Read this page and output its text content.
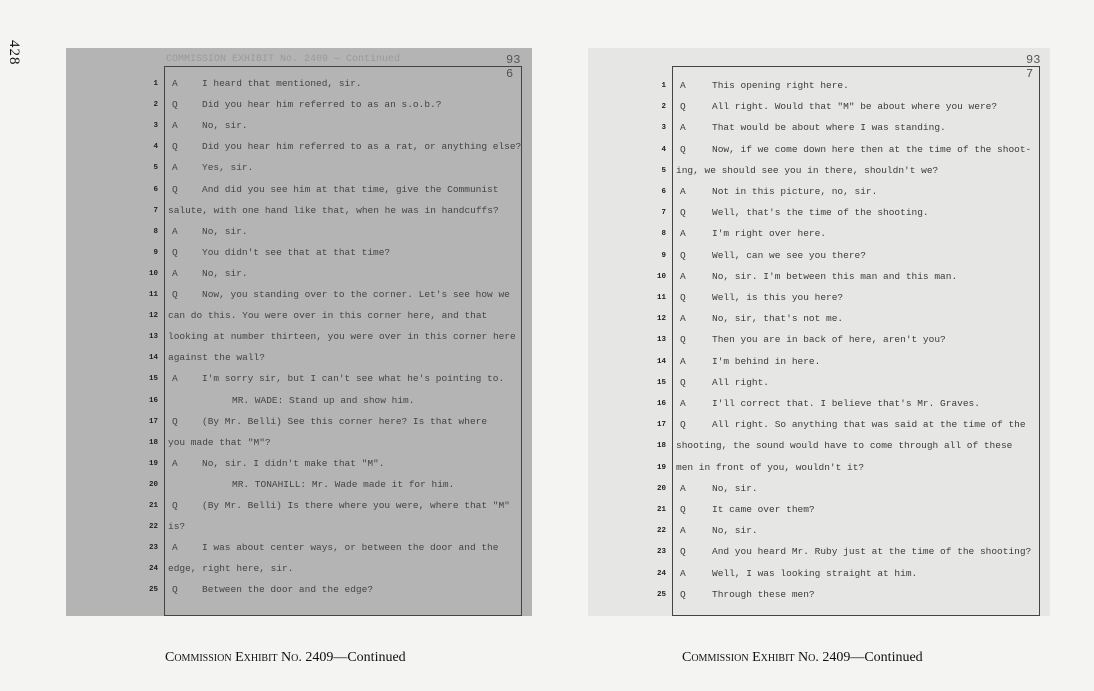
428	COMMISSION EXHIBIT No. 2409 — Continued	93 6
1 A	I heard that mentioned, sir.
2 Q	Did you hear him referred to as an s.o.b.?
3 A	No, sir.
4 Q	Did you hear him referred to as a rat, or anything else?
5 A	Yes, sir.
6 Q	And did you see him at that time, give the Communist
7 salute, with one hand like that, when he was in handcuffs?
8 A	No, sir.
9 Q	You didn't see that at that time?
10 A	No, sir.
11 Q	Now, you standing over to the corner. Let's see how we
12 can do this. You were over in this corner here, and that
13 looking at number thirteen, you were over in this corner here
14 against the wall?
15 A	I'm sorry sir, but I can't see what he's pointing to.
16	MR. WADE: Stand up and show him.
17 Q	(By Mr. Belli) See this corner here? Is that where
18 you made that "M"?
19 A	No, sir. I didn't make that "M".
20	MR. TONAHILL: Mr. Wade made it for him.
21 Q	(By Mr. Belli) Is there where you were, where that "M"
22 is?
23 A	I was about center ways, or between the door and the
24 edge, right here, sir.
25 Q	Between the door and the edge?
93 7
1 A	This opening right here.
2 Q	All right. Would that "M" be about where you were?
3 A	That would be about where I was standing.
4 Q	Now, if we come down here then at the time of the shoot-
5 ing, we should see you in there, shouldn't we?
6 A	Not in this picture, no, sir.
7 Q	Well, that's the time of the shooting.
8 A	I'm right over here.
9 Q	Well, can we see you there?
10 A	No, sir. I'm between this man and this man.
11 Q	Well, is this you here?
12 A	No, sir, that's not me.
13 Q	Then you are in back of here, aren't you?
14 A	I'm behind in here.
15 Q	All right.
16 A	I'll correct that. I believe that's Mr. Graves.
17 Q	All right. So anything that was said at the time of the
18 shooting, the sound would have to come through all of these
19 men in front of you, wouldn't it?
20 A	No, sir.
21 Q	It came over them?
22 A	No, sir.
23 Q	And you heard Mr. Ruby just at the time of the shooting?
24 A	Well, I was looking straight at him.
25 Q	Through these men?
Commission Exhibit No. 2409—Continued	Commission Exhibit No. 2409—Continued
